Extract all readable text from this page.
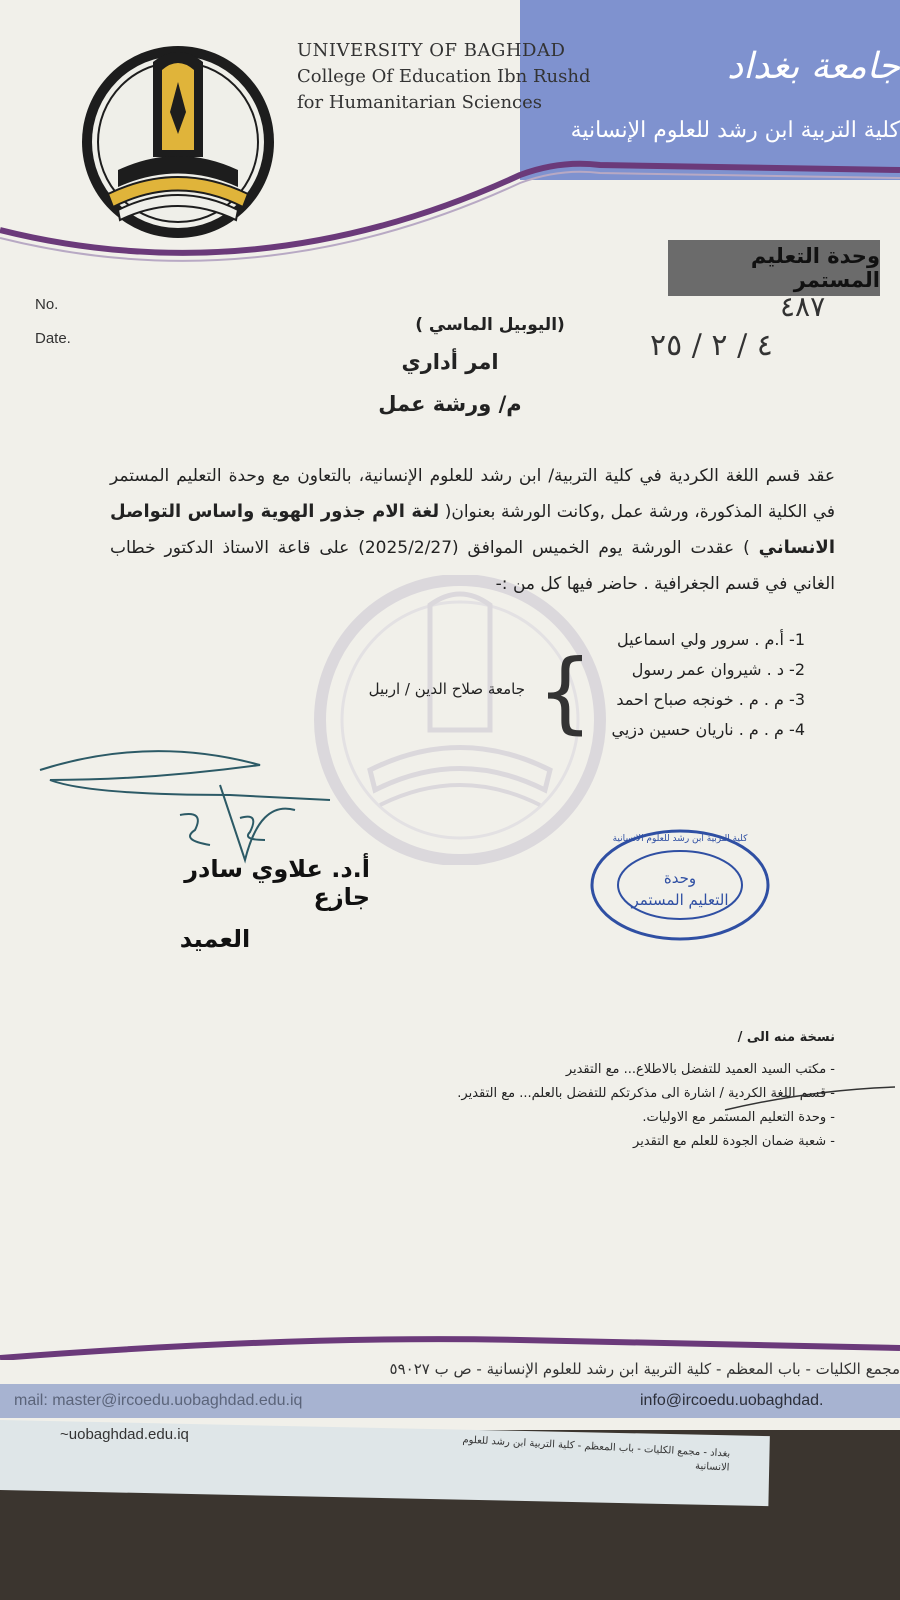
UNIVERSITY OF BAGHDAD
College Of Education Ibn Rushd
for Humanitarian Sciences
جامعة بغداد
كلية التربية ابن رشد للعلوم الإنسانية
وحدة التعليم المستمر
No.
Date.
٤٨٧
٤ / ٢ / ٢٥
(اليوبيل الماسي )
امر أداري
م/ ورشة عمل
عقد قسم اللغة الكردية في كلية التربية/ ابن رشد للعلوم الإنسانية، بالتعاون مع وحدة التعليم المستمر في الكلية المذكورة، ورشة عمل ,وكانت الورشة بعنوان( لغة الام جذور الهوية واساس التواصل الانساني ) عقدت الورشة يوم الخميس الموافق (2025/2/27) على قاعة الاستاذ الدكتور خطاب الغاني في قسم الجغرافية . حاضر فيها كل من :-
1- أ.م . سرور ولي اسماعيل
2- د . شيروان عمر رسول
3- م . م . خونجه صباح احمد
4- م . م . ناريان حسين دزيي
{
جامعة صلاح الدين / اربيل
أ.د. علاوي سادر جازع
العميد
وحدة
التعليم المستمر
كلية التربية ابن رشد للعلوم الانسانية
نسخة منه الى /
- مكتب السيد العميد للتفضل بالاطلاع... مع التقدير
- قسم اللغة الكردية / اشارة الى مذكرتكم للتفضل بالعلم... مع التقدير.
- وحدة التعليم المستمر مع الاوليات.
- شعبة ضمان الجودة للعلم مع التقدير
مجمع الكليات - باب المعظم - كلية التربية ابن رشد للعلوم الإنسانية - ص ب ٥٩٠٢٧
mail: master@ircoedu.uobaghdad.edu.iq	info@ircoedu.uobaghdad.
~uobaghdad.edu.iq
بغداد - مجمع الكليات - باب المعظم - كلية التربية ابن رشد للعلوم الانسانية
